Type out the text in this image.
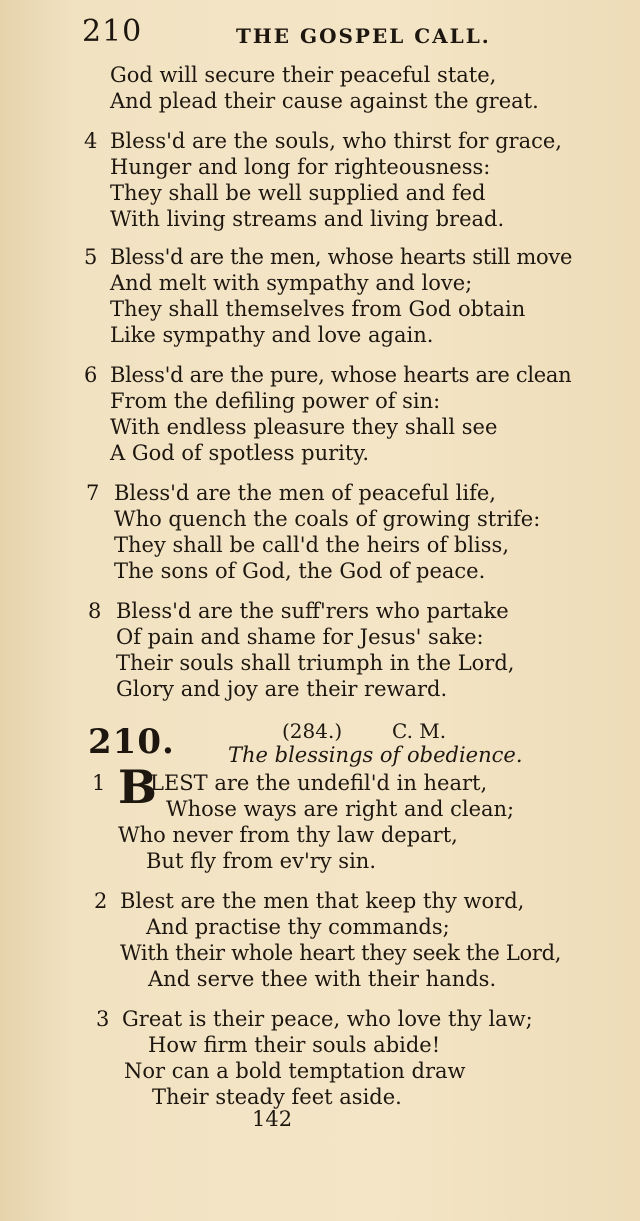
210	THE GOSPEL CALL.
God will secure their peaceful state,
And plead their cause against the great.
4 Bless'd are the souls, who thirst for grace,
Hunger and long for righteousness:
They shall be well supplied and fed
With living streams and living bread.
5 Bless'd are the men, whose hearts still move
And melt with sympathy and love;
They shall themselves from God obtain
Like sympathy and love again.
6 Bless'd are the pure, whose hearts are clean
From the defiling power of sin:
With endless pleasure they shall see
A God of spotless purity.
7 Bless'd are the men of peaceful life,
Who quench the coals of growing strife:
They shall be call'd the heirs of bliss,
The sons of God, the God of peace.
8 Bless'd are the suff'rers who partake
Of pain and shame for Jesus' sake:
Their souls shall triumph in the Lord,
Glory and joy are their reward.
210.	(284.) C. M.
The blessings of obedience.
1 B
LEST are the undefil'd in heart,
Whose ways are right and clean;
Who never from thy law depart,
But fly from ev'ry sin.
2 Blest are the men that keep thy word,
And practise thy commands;
With their whole heart they seek the Lord,
And serve thee with their hands.
3 Great is their peace, who love thy law;
How firm their souls abide!
Nor can a bold temptation draw
Their steady feet aside.
142
